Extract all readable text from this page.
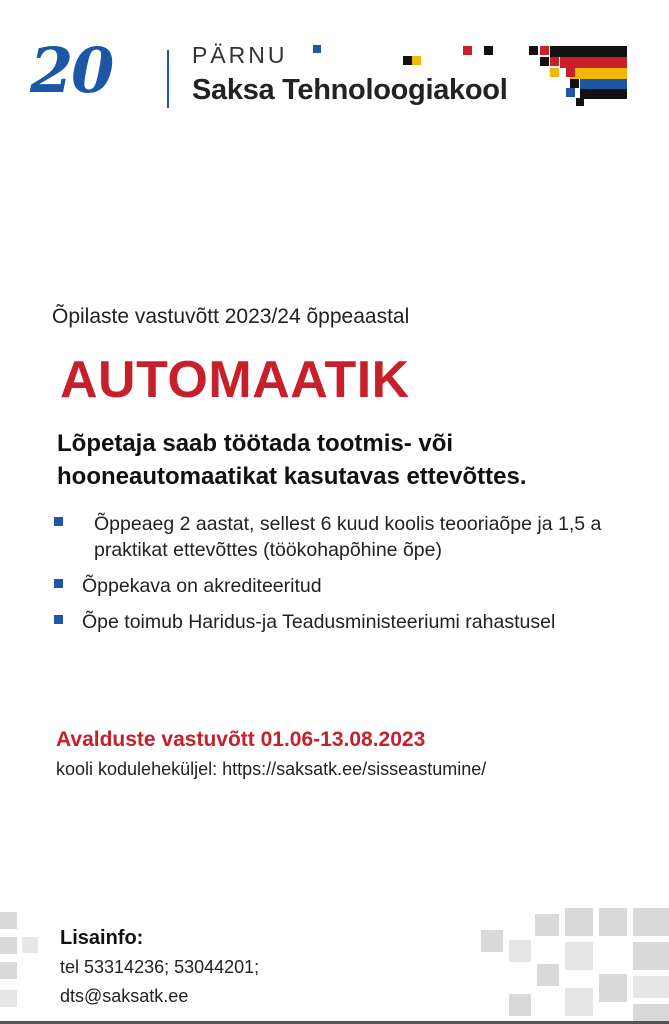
20	PÄRNU
Saksa Tehnoloogiakool
Õpilaste vastuvõtt 2023/24 õppeaastal
AUTOMAATIK
Lõpetaja saab töötada tootmis- või hooneautomaatikat kasutavas ettevõttes.
Õppeaeg 2 aastat, sellest 6 kuud koolis teooriaõpe ja 1,5 a praktikat ettevõttes (töökohapõhine õpe)
Õppekava on akrediteeritud
Õpe toimub Haridus-ja Teadusministeeriumi rahastusel
Avalduste vastuvõtt 01.06-13.08.2023
kooli koduleheküljel: https://saksatk.ee/sisseastumine/
Lisainfo:
tel 53314236; 53044201;
dts@saksatk.ee
